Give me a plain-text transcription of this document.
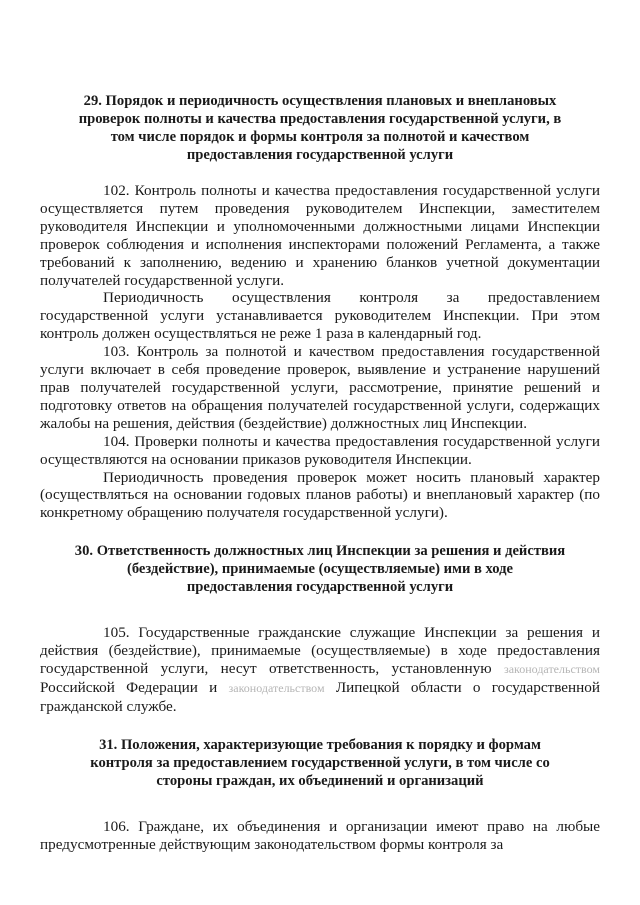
29. Порядок и периодичность осуществления плановых и внеплановых проверок полноты и качества предоставления государственной услуги, в том числе порядок и формы контроля за полнотой и качеством предоставления государственной услуги

102. Контроль полноты и качества предоставления государственной услуги осуществляется путем проведения руководителем Инспекции, заместителем руководителя Инспекции и уполномоченными должностными лицами Инспекции проверок соблюдения и исполнения инспекторами положений Регламента, а также требований к заполнению, ведению и хранению бланков учетной документации получателей государственной услуги.

Периодичность осуществления контроля за предоставлением государственной услуги устанавливается руководителем Инспекции. При этом контроль должен осуществляться не реже 1 раза в календарный год.

103. Контроль за полнотой и качеством предоставления государственной услуги включает в себя проведение проверок, выявление и устранение нарушений прав получателей государственной услуги, рассмотрение, принятие решений и подготовку ответов на обращения получателей государственной услуги, содержащих жалобы на решения, действия (бездействие) должностных лиц Инспекции.

104. Проверки полноты и качества предоставления государственной услуги осуществляются на основании приказов руководителя Инспекции.

Периодичность проведения проверок может носить плановый характер (осуществляться на основании годовых планов работы) и внеплановый характер (по конкретному обращению получателя государственной услуги).

30. Ответственность должностных лиц Инспекции за решения и действия (бездействие), принимаемые (осуществляемые) ими в ходе предоставления государственной услуги

105. Государственные гражданские служащие Инспекции за решения и действия (бездействие), принимаемые (осуществляемые) в ходе предоставления государственной услуги, несут ответственность, установленную законодательством Российской Федерации и законодательством Липецкой области о государственной гражданской службе.

31. Положения, характеризующие требования к порядку и формам контроля за предоставлением государственной услуги, в том числе со стороны граждан, их объединений и организаций

106. Граждане, их объединения и организации имеют право на любые предусмотренные действующим законодательством формы контроля за
